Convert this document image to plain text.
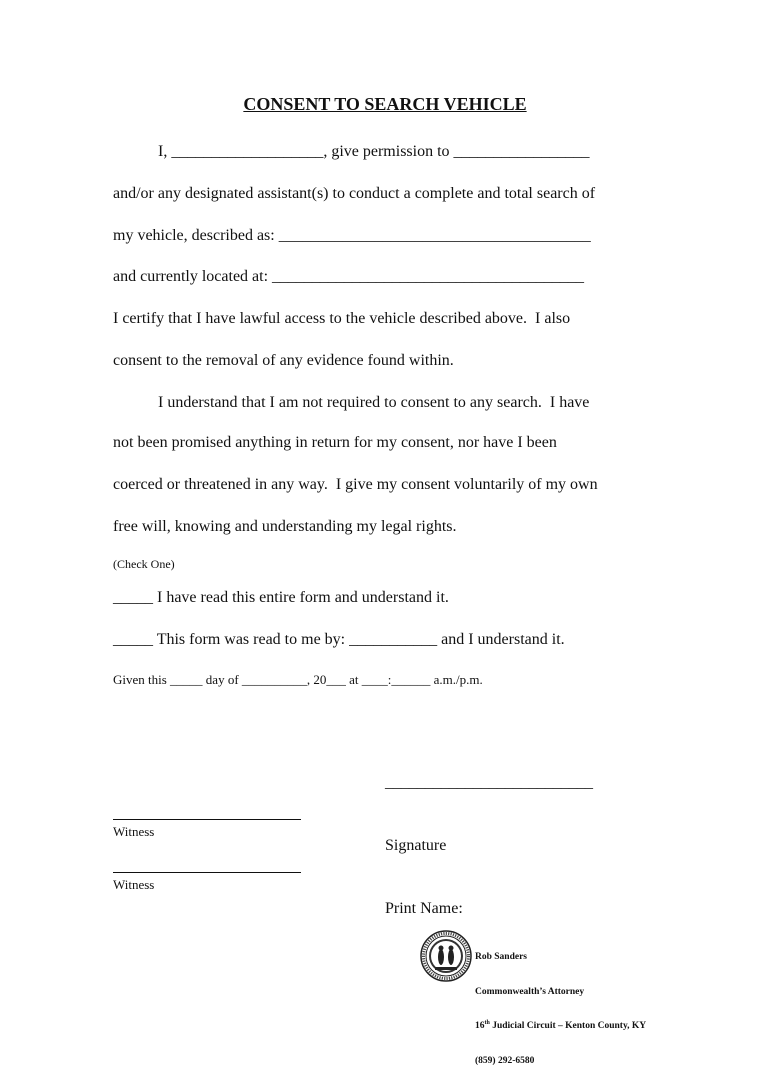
CONSENT TO SEARCH VEHICLE
I, ___________________, give permission to _________________
and/or any designated assistant(s) to conduct a complete and total search of
my vehicle, described as: _______________________________________
and currently located at: _______________________________________
I certify that I have lawful access to the vehicle described above.  I also
consent to the removal of any evidence found within.
I understand that I am not required to consent to any search.  I have
not been promised anything in return for my consent, nor have I been
coerced or threatened in any way.  I give my consent voluntarily of my own
free will, knowing and understanding my legal rights.
(Check One)
_____ I have read this entire form and understand it.
_____ This form was read to me by: ___________ and I understand it.
Given this _____ day of __________, 20___ at ____:______ a.m./p.m.

__________________________

Signature

Print Name:

Witness
Witness

Rob Sanders

Commonwealth’s Attorney

16th Judicial Circuit – Kenton County, KY

(859) 292-6580
